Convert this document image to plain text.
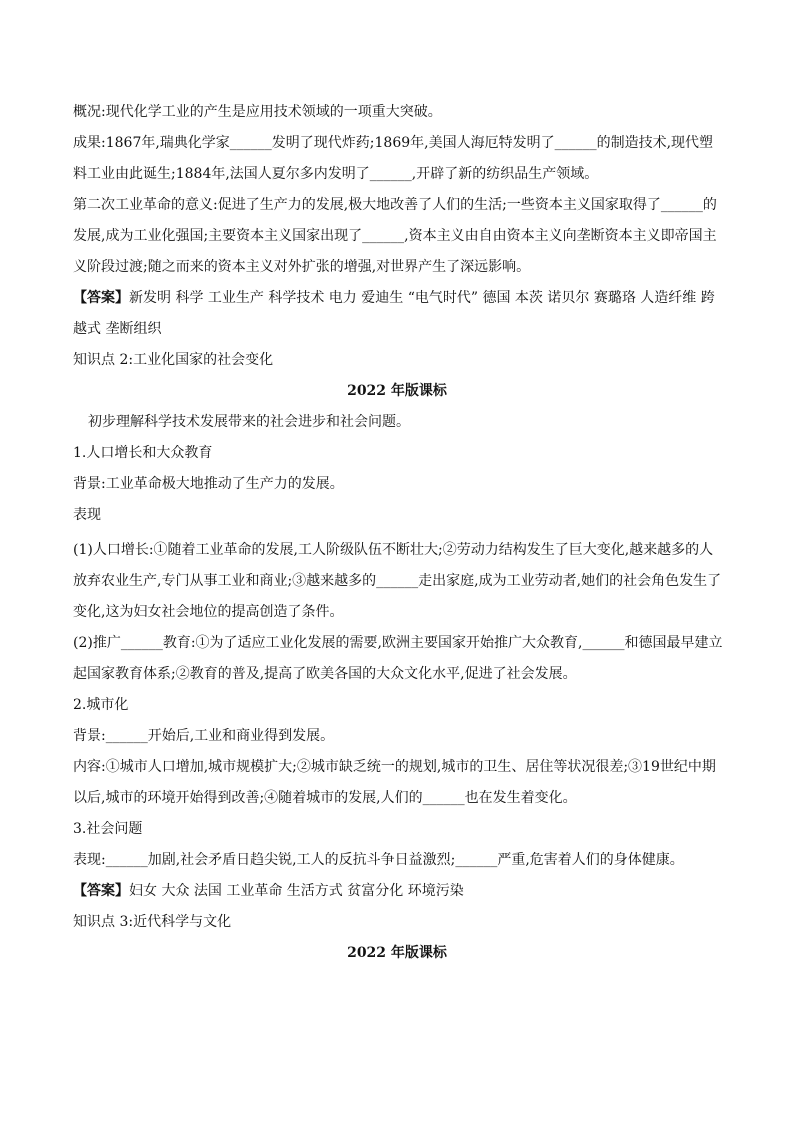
概况:现代化学工业的产生是应用技术领域的一项重大突破。

成果:1867年,瑞典化学家______发明了现代炸药;1869年,美国人海厄特发明了______的制造技术,现代塑料工业由此诞生;1884年,法国人夏尔多内发明了______,开辟了新的纺织品生产领域。

第二次工业革命的意义:促进了生产力的发展,极大地改善了人们的生活;一些资本主义国家取得了______的发展,成为工业化强国;主要资本主义国家出现了______,资本主义由自由资本主义向垄断资本主义即帝国主义阶段过渡;随之而来的资本主义对外扩张的增强,对世界产生了深远影响。

【答案】新发明 科学 工业生产 科学技术 电力 爱迪生 “电气时代” 德国 本茨 诺贝尔 赛璐珞 人造纤维 跨越式 垄断组织

知识点 2:工业化国家的社会变化

2022 年版课标

初步理解科学技术发展带来的社会进步和社会问题。

1.人口增长和大众教育

背景:工业革命极大地推动了生产力的发展。

表现

(1)人口增长:①随着工业革命的发展,工人阶级队伍不断壮大;②劳动力结构发生了巨大变化,越来越多的人放弃农业生产,专门从事工业和商业;③越来越多的______走出家庭,成为工业劳动者,她们的社会角色发生了变化,这为妇女社会地位的提高创造了条件。

(2)推广______教育:①为了适应工业化发展的需要,欧洲主要国家开始推广大众教育,______和德国最早建立起国家教育体系;②教育的普及,提高了欧美各国的大众文化水平,促进了社会发展。

2.城市化

背景:______开始后,工业和商业得到发展。

内容:①城市人口增加,城市规模扩大;②城市缺乏统一的规划,城市的卫生、居住等状况很差;③19世纪中期以后,城市的环境开始得到改善;④随着城市的发展,人们的______也在发生着变化。

3.社会问题

表现:______加剧,社会矛盾日趋尖锐,工人的反抗斗争日益激烈;______严重,危害着人们的身体健康。

【答案】妇女 大众 法国 工业革命 生活方式 贫富分化 环境污染

知识点 3:近代科学与文化

2022 年版课标
